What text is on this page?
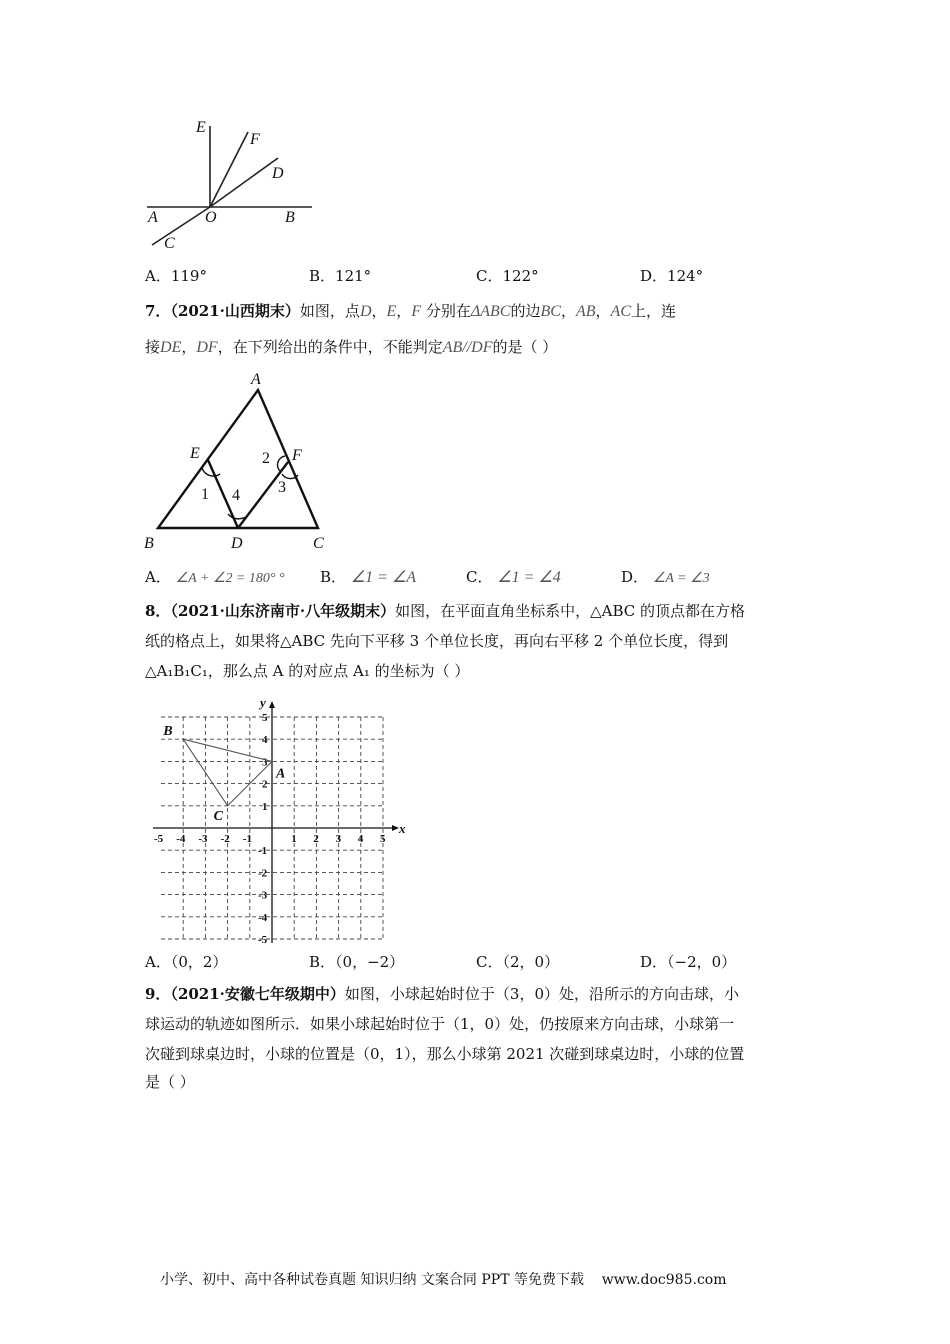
E
F
D
A	O	B
C
A．119°	B．121°	C．122°	D．124°
7．（2021·山西期末）如图，点D，E，F 分别在ΔABC的边BC，AB，AC上，连
接DE，DF，在下列给出的条件中，不能判定AB//DF的是（ ）
A
E	F
B	D	C
1
2
3
4
A． ∠A + ∠2 = 180° ° B． ∠1 = ∠A	C． ∠1 = ∠4	D． ∠A = ∠3
8．（2021·山东济南市·八年级期末）如图，在平面直角坐标系中，△ABC 的顶点都在方格
纸的格点上，如果将△ABC 先向下平移 3 个单位长度，再向右平移 2 个单位长度，得到
△A₁B₁C₁，那么点 A 的对应点 A₁ 的坐标为（ ）
x
y
-5 -4 -3 -2 -1	1 2 3 4 5
5
4
3
2
1
-1
-2
-3
-4
-5
B
A
C
A．（0，2）	B．（0，−2）	C．（2，0）	D．（−2，0）
9．（2021·安徽七年级期中）如图，小球起始时位于（3，0）处，沿所示的方向击球，小
球运动的轨迹如图所示．如果小球起始时位于（1，0）处，仍按原来方向击球，小球第一
次碰到球桌边时，小球的位置是（0，1），那么小球第 2021 次碰到球桌边时，小球的位置
是（ ）
小学、初中、高中各种试卷真题 知识归纳 文案合同 PPT 等免费下载 www.doc985.com
